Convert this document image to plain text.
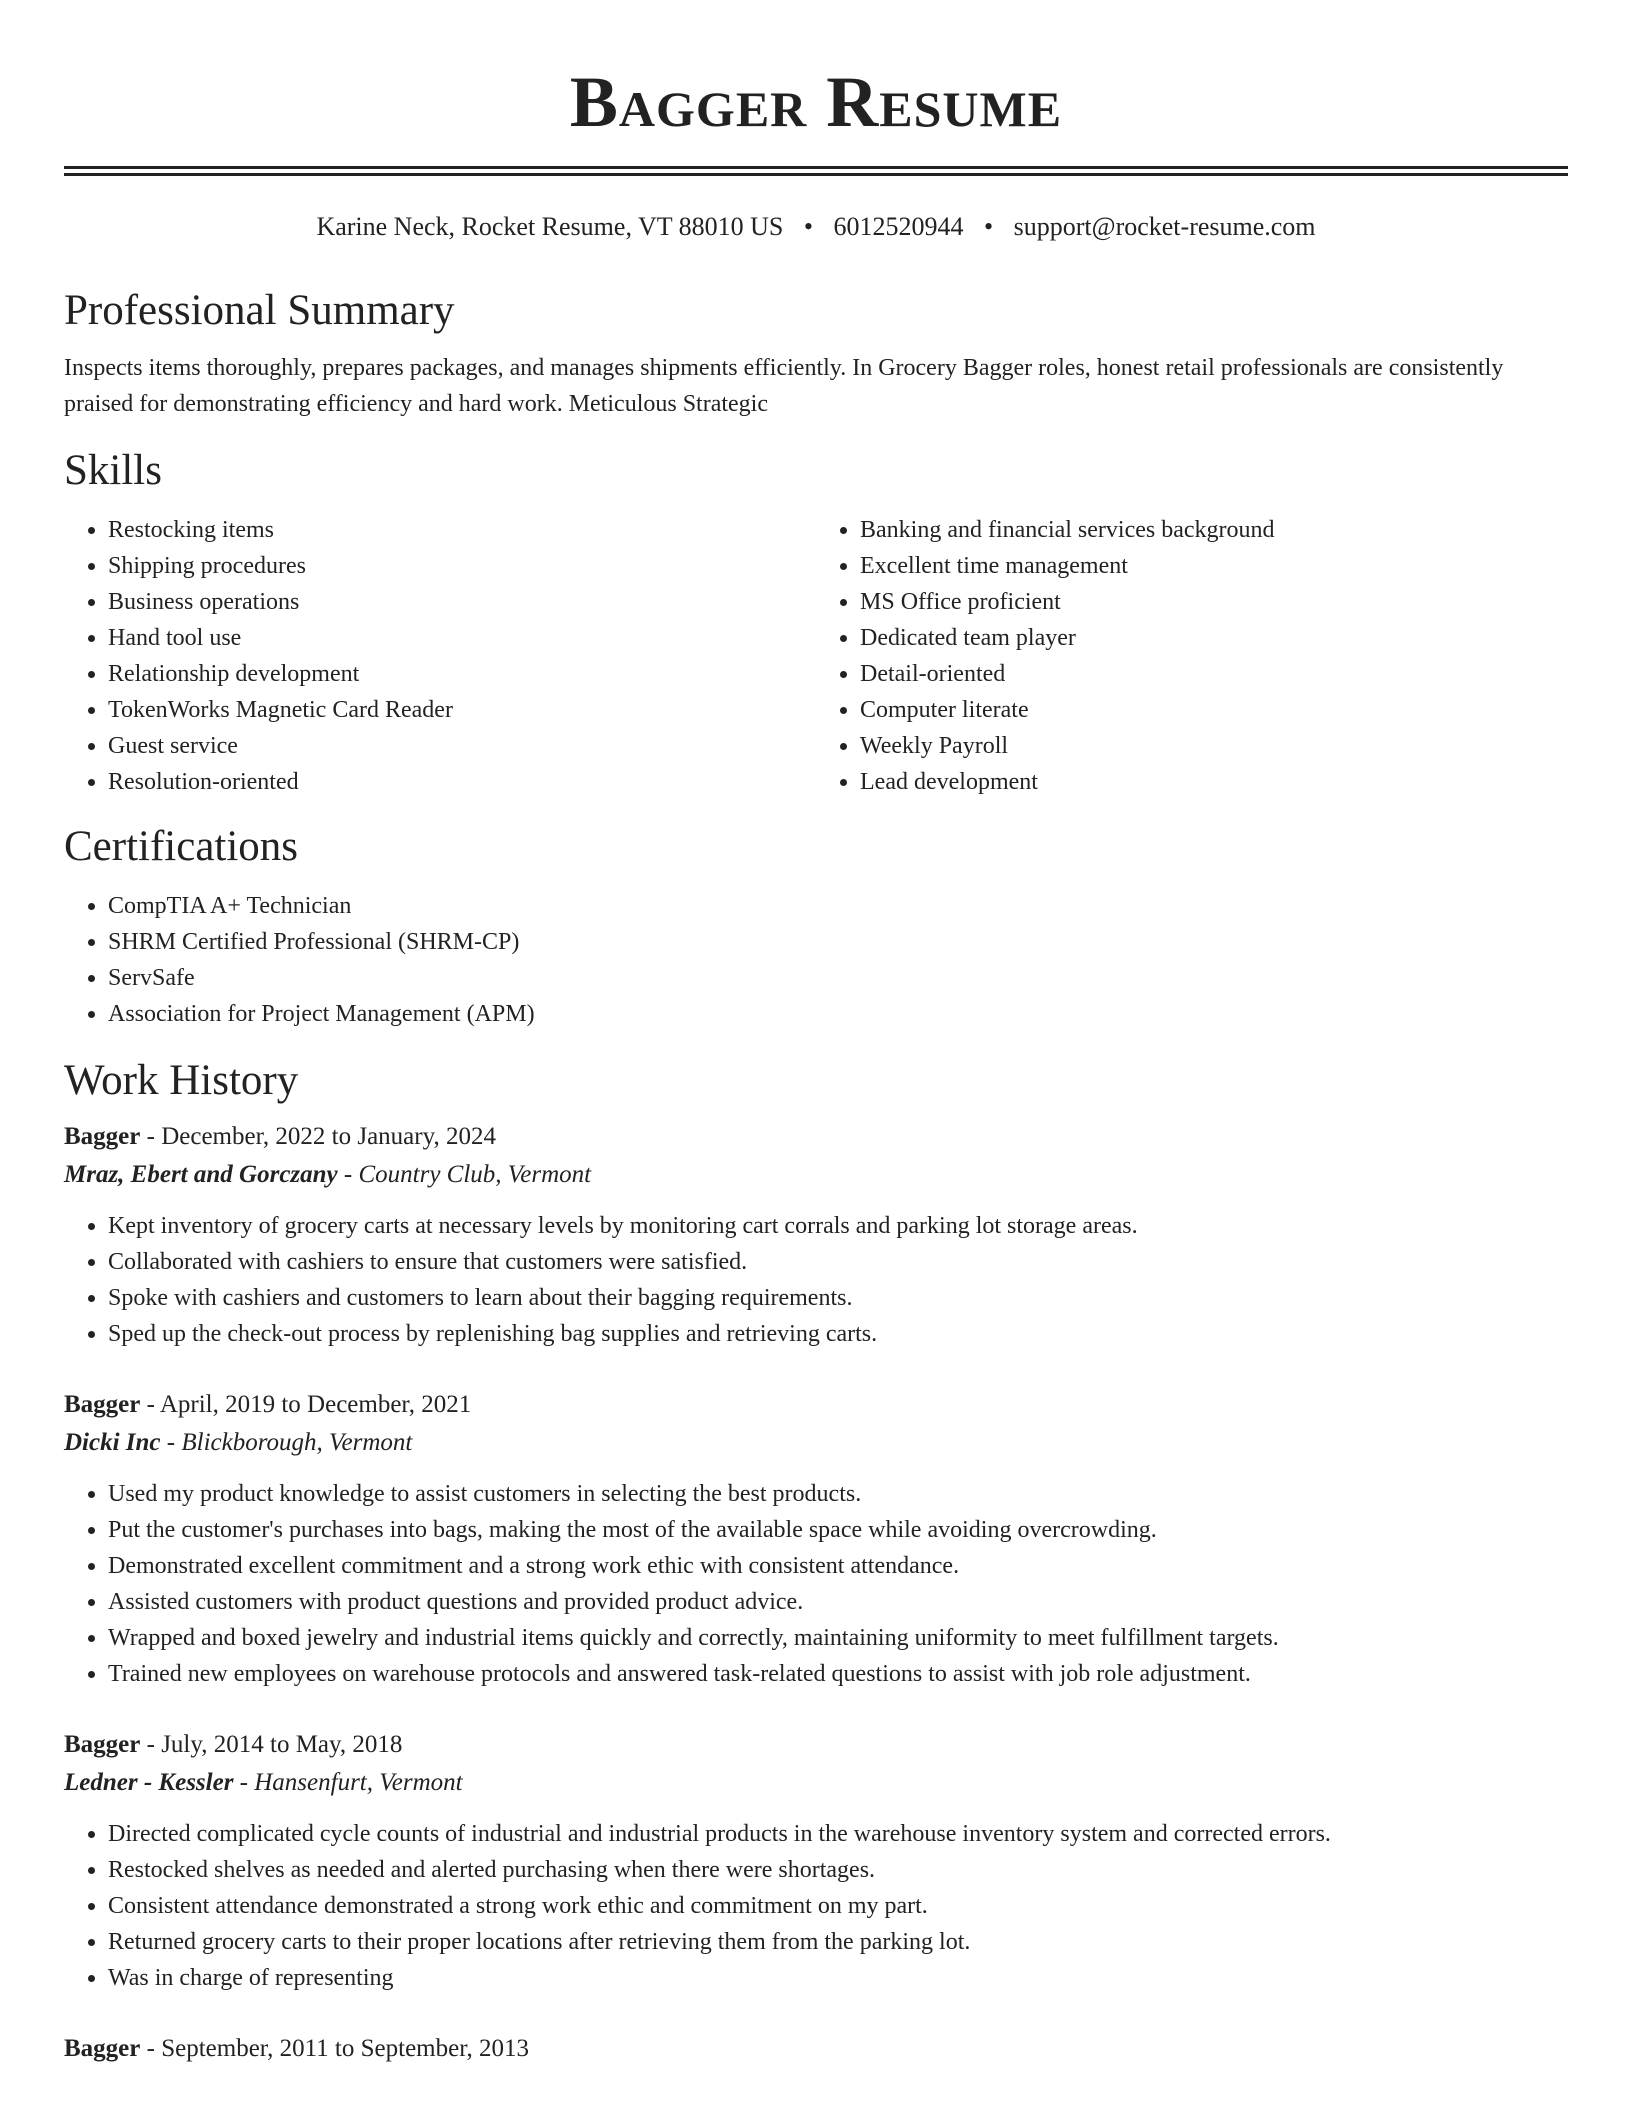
Bagger Resume
Karine Neck, Rocket Resume, VT 88010 US • 6012520944 • support@rocket-resume.com
Professional Summary
Inspects items thoroughly, prepares packages, and manages shipments efficiently. In Grocery Bagger roles, honest retail professionals are consistently praised for demonstrating efficiency and hard work. Meticulous Strategic
Skills
• Restocking items
• Shipping procedures
• Business operations
• Hand tool use
• Relationship development
• TokenWorks Magnetic Card Reader
• Guest service
• Resolution-oriented
• Banking and financial services background
• Excellent time management
• MS Office proficient
• Dedicated team player
• Detail-oriented
• Computer literate
• Weekly Payroll
• Lead development
Certifications
• CompTIA A+ Technician
• SHRM Certified Professional (SHRM-CP)
• ServSafe
• Association for Project Management (APM)
Work History
Bagger - December, 2022 to January, 2024
Mraz, Ebert and Gorczany - Country Club, Vermont
• Kept inventory of grocery carts at necessary levels by monitoring cart corrals and parking lot storage areas.
• Collaborated with cashiers to ensure that customers were satisfied.
• Spoke with cashiers and customers to learn about their bagging requirements.
• Sped up the check-out process by replenishing bag supplies and retrieving carts.
Bagger - April, 2019 to December, 2021
Dicki Inc - Blickborough, Vermont
• Used my product knowledge to assist customers in selecting the best products.
• Put the customer's purchases into bags, making the most of the available space while avoiding overcrowding.
• Demonstrated excellent commitment and a strong work ethic with consistent attendance.
• Assisted customers with product questions and provided product advice.
• Wrapped and boxed jewelry and industrial items quickly and correctly, maintaining uniformity to meet fulfillment targets.
• Trained new employees on warehouse protocols and answered task-related questions to assist with job role adjustment.
Bagger - July, 2014 to May, 2018
Ledner - Kessler - Hansenfurt, Vermont
• Directed complicated cycle counts of industrial and industrial products in the warehouse inventory system and corrected errors.
• Restocked shelves as needed and alerted purchasing when there were shortages.
• Consistent attendance demonstrated a strong work ethic and commitment on my part.
• Returned grocery carts to their proper locations after retrieving them from the parking lot.
• Was in charge of representing
Bagger - September, 2011 to September, 2013
